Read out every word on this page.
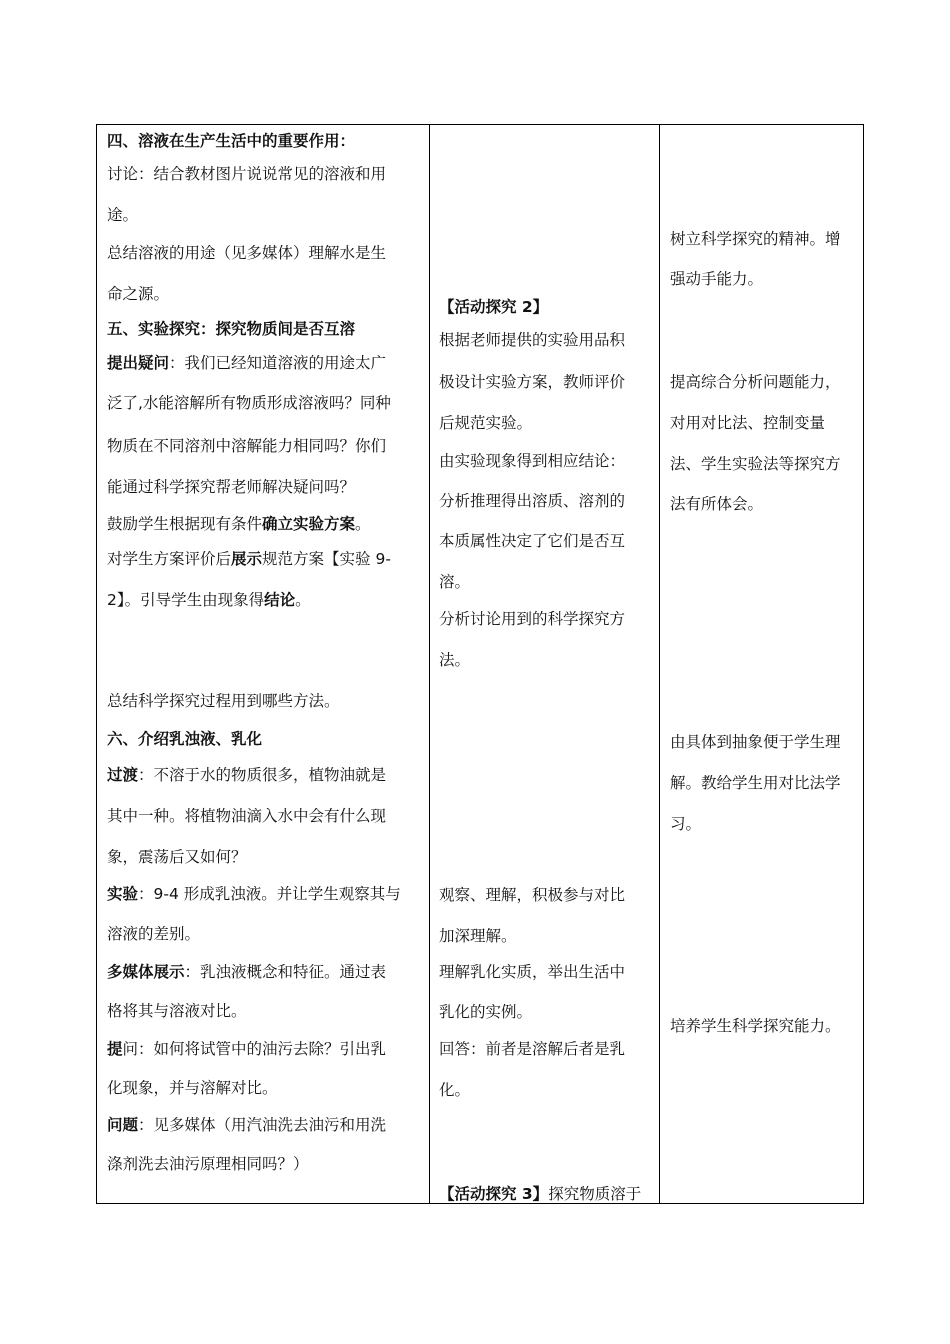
四、溶液在生产生活中的重要作用：
讨论：结合教材图片说说常见的溶液和用
途。
总结溶液的用途（见多媒体）理解水是生
命之源。
五、实验探究：探究物质间是否互溶
提出疑问：我们已经知道溶液的用途太广
泛了,水能溶解所有物质形成溶液吗？同种
物质在不同溶剂中溶解能力相同吗？你们
能通过科学探究帮老师解决疑问吗？
鼓励学生根据现有条件确立实验方案。
对学生方案评价后展示规范方案【实验 9-
2】。引导学生由现象得结论。
总结科学探究过程用到哪些方法。
六、介绍乳浊液、乳化
过渡：不溶于水的物质很多，植物油就是
其中一种。将植物油滴入水中会有什么现
象，震荡后又如何？
实验：9-4 形成乳浊液。并让学生观察其与
溶液的差别。
多媒体展示：乳浊液概念和特征。通过表
格将其与溶液对比。
提问：如何将试管中的油污去除？引出乳
化现象，并与溶解对比。
问题：见多媒体（用汽油洗去油污和用洗
涤剂洗去油污原理相同吗？）
【活动探究 2】
根据老师提供的实验用品积
极设计实验方案，教师评价
后规范实验。
由实验现象得到相应结论：
分析推理得出溶质、溶剂的
本质属性决定了它们是否互
溶。
分析讨论用到的科学探究方
法。
观察、理解，积极参与对比
加深理解。
理解乳化实质，举出生活中
乳化的实例。
回答：前者是溶解后者是乳
化。
【活动探究 3】探究物质溶于
树立科学探究的精神。增
强动手能力。
提高综合分析问题能力，
对用对比法、控制变量
法、学生实验法等探究方
法有所体会。
由具体到抽象便于学生理
解。教给学生用对比法学
习。
培养学生科学探究能力。
